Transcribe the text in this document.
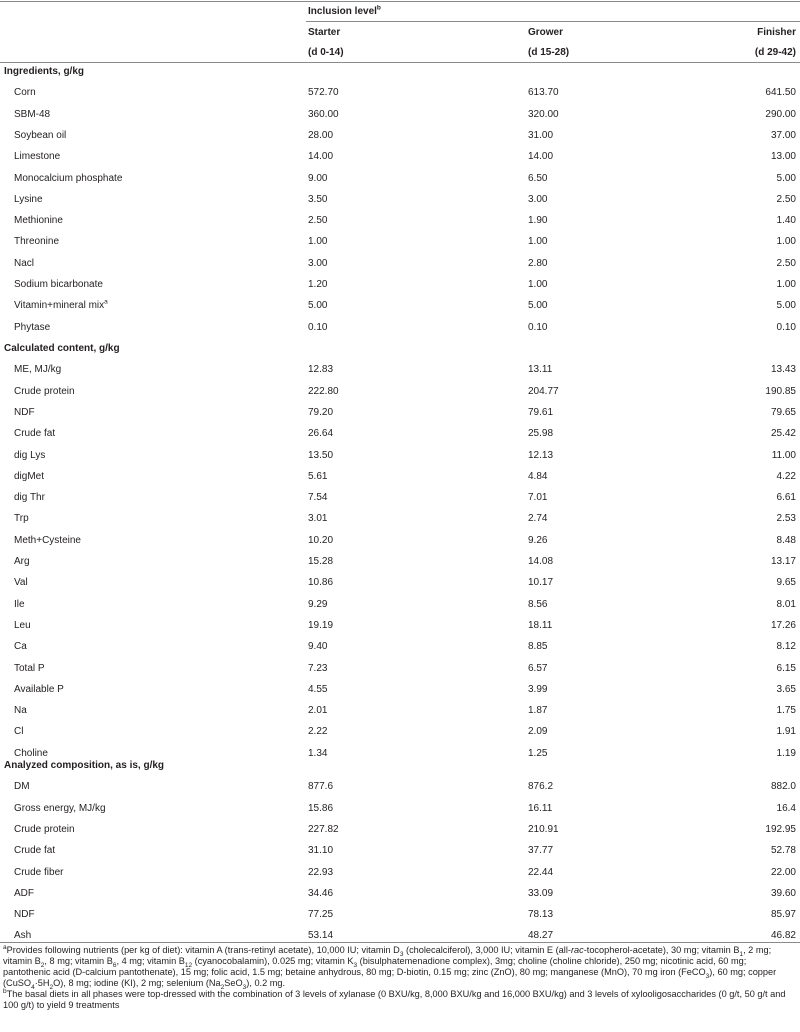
Inclusion level$^b$
Starter	Grower	Finisher
(d 0-14)	(d 15-28)	(d 29-42)
Ingredients, g/kg
Corn	572.70	613.70	641.50
SBM-48	360.00	320.00	290.00
Soybean oil	28.00	31.00	37.00
Limestone	14.00	14.00	13.00
Monocalcium phosphate	9.00	6.50	5.00
Lysine	3.50	3.00	2.50
Methionine	2.50	1.90	1.40
Threonine	1.00	1.00	1.00
Nacl	3.00	2.80	2.50
Sodium bicarbonate	1.20	1.00	1.00
Vitamin+mineral mix$^a$	5.00	5.00	5.00
Phytase	0.10	0.10	0.10
Calculated content, g/kg
ME, MJ/kg	12.83	13.11	13.43
Crude protein	222.80	204.77	190.85
NDF	79.20	79.61	79.65
Crude fat	26.64	25.98	25.42
dig Lys	13.50	12.13	11.00
digMet	5.61	4.84	4.22
dig Thr	7.54	7.01	6.61
Trp	3.01	2.74	2.53
Meth+Cysteine	10.20	9.26	8.48
Arg	15.28	14.08	13.17
Val	10.86	10.17	9.65
Ile	9.29	8.56	8.01
Leu	19.19	18.11	17.26
Ca	9.40	8.85	8.12
Total P	7.23	6.57	6.15
Available P	4.55	3.99	3.65
Na	2.01	1.87	1.75
Cl	2.22	2.09	1.91
Choline	1.34	1.25	1.19
Analyzed composition, as is, g/kg
DM	877.6	876.2	882.0
Gross energy, MJ/kg	15.86	16.11	16.4
Crude protein	227.82	210.91	192.95
Crude fat	31.10	37.77	52.78
Crude fiber	22.93	22.44	22.00
ADF	34.46	33.09	39.60
NDF	77.25	78.13	85.97
Ash	53.14	48.27	46.82

$^a$Provides following nutrients (per kg of diet): vitamin A (trans-retinyl acetate), 10,000 IU; vitamin $D_3$ (cholecalciferol), 3,000 IU; vitamin E (all-rac-tocopherol-acetate), 30 mg; vitamin $B_1$, 2 mg; vitamin $B_2$, 8 mg; vitamin $B_6$, 4 mg; vitamin $B_{12}$ (cyanocobalamin), 0.025 mg; vitamin $K_3$ (bisulphatemenadione complex), 3mg; choline (choline chloride), 250 mg; nicotinic acid, 60 mg; pantothenic acid (D-calcium pantothenate), 15 mg; folic acid, 1.5 mg; betaine anhydrous, 80 mg; D-biotin, 0.15 mg; zinc (ZnO), 80 mg; manganese (MnO), 70 mg iron (FeCO$_3$), 60 mg; copper $(CuSO_4\cdot 5H_2O)$, 8 mg; iodine (KI), 2 mg; selenium $(Na_2SeO_3)$, 0.2 mg.

$^b$The basal diets in all phases were top-dressed with the combination of 3 levels of xylanase (0 BXU/kg, 8,000 BXU/kg and 16,000 BXU/kg) and 3 levels of xylooligosaccharides (0 g/t, 50 g/t and 100 g/t) to yield 9 treatments
